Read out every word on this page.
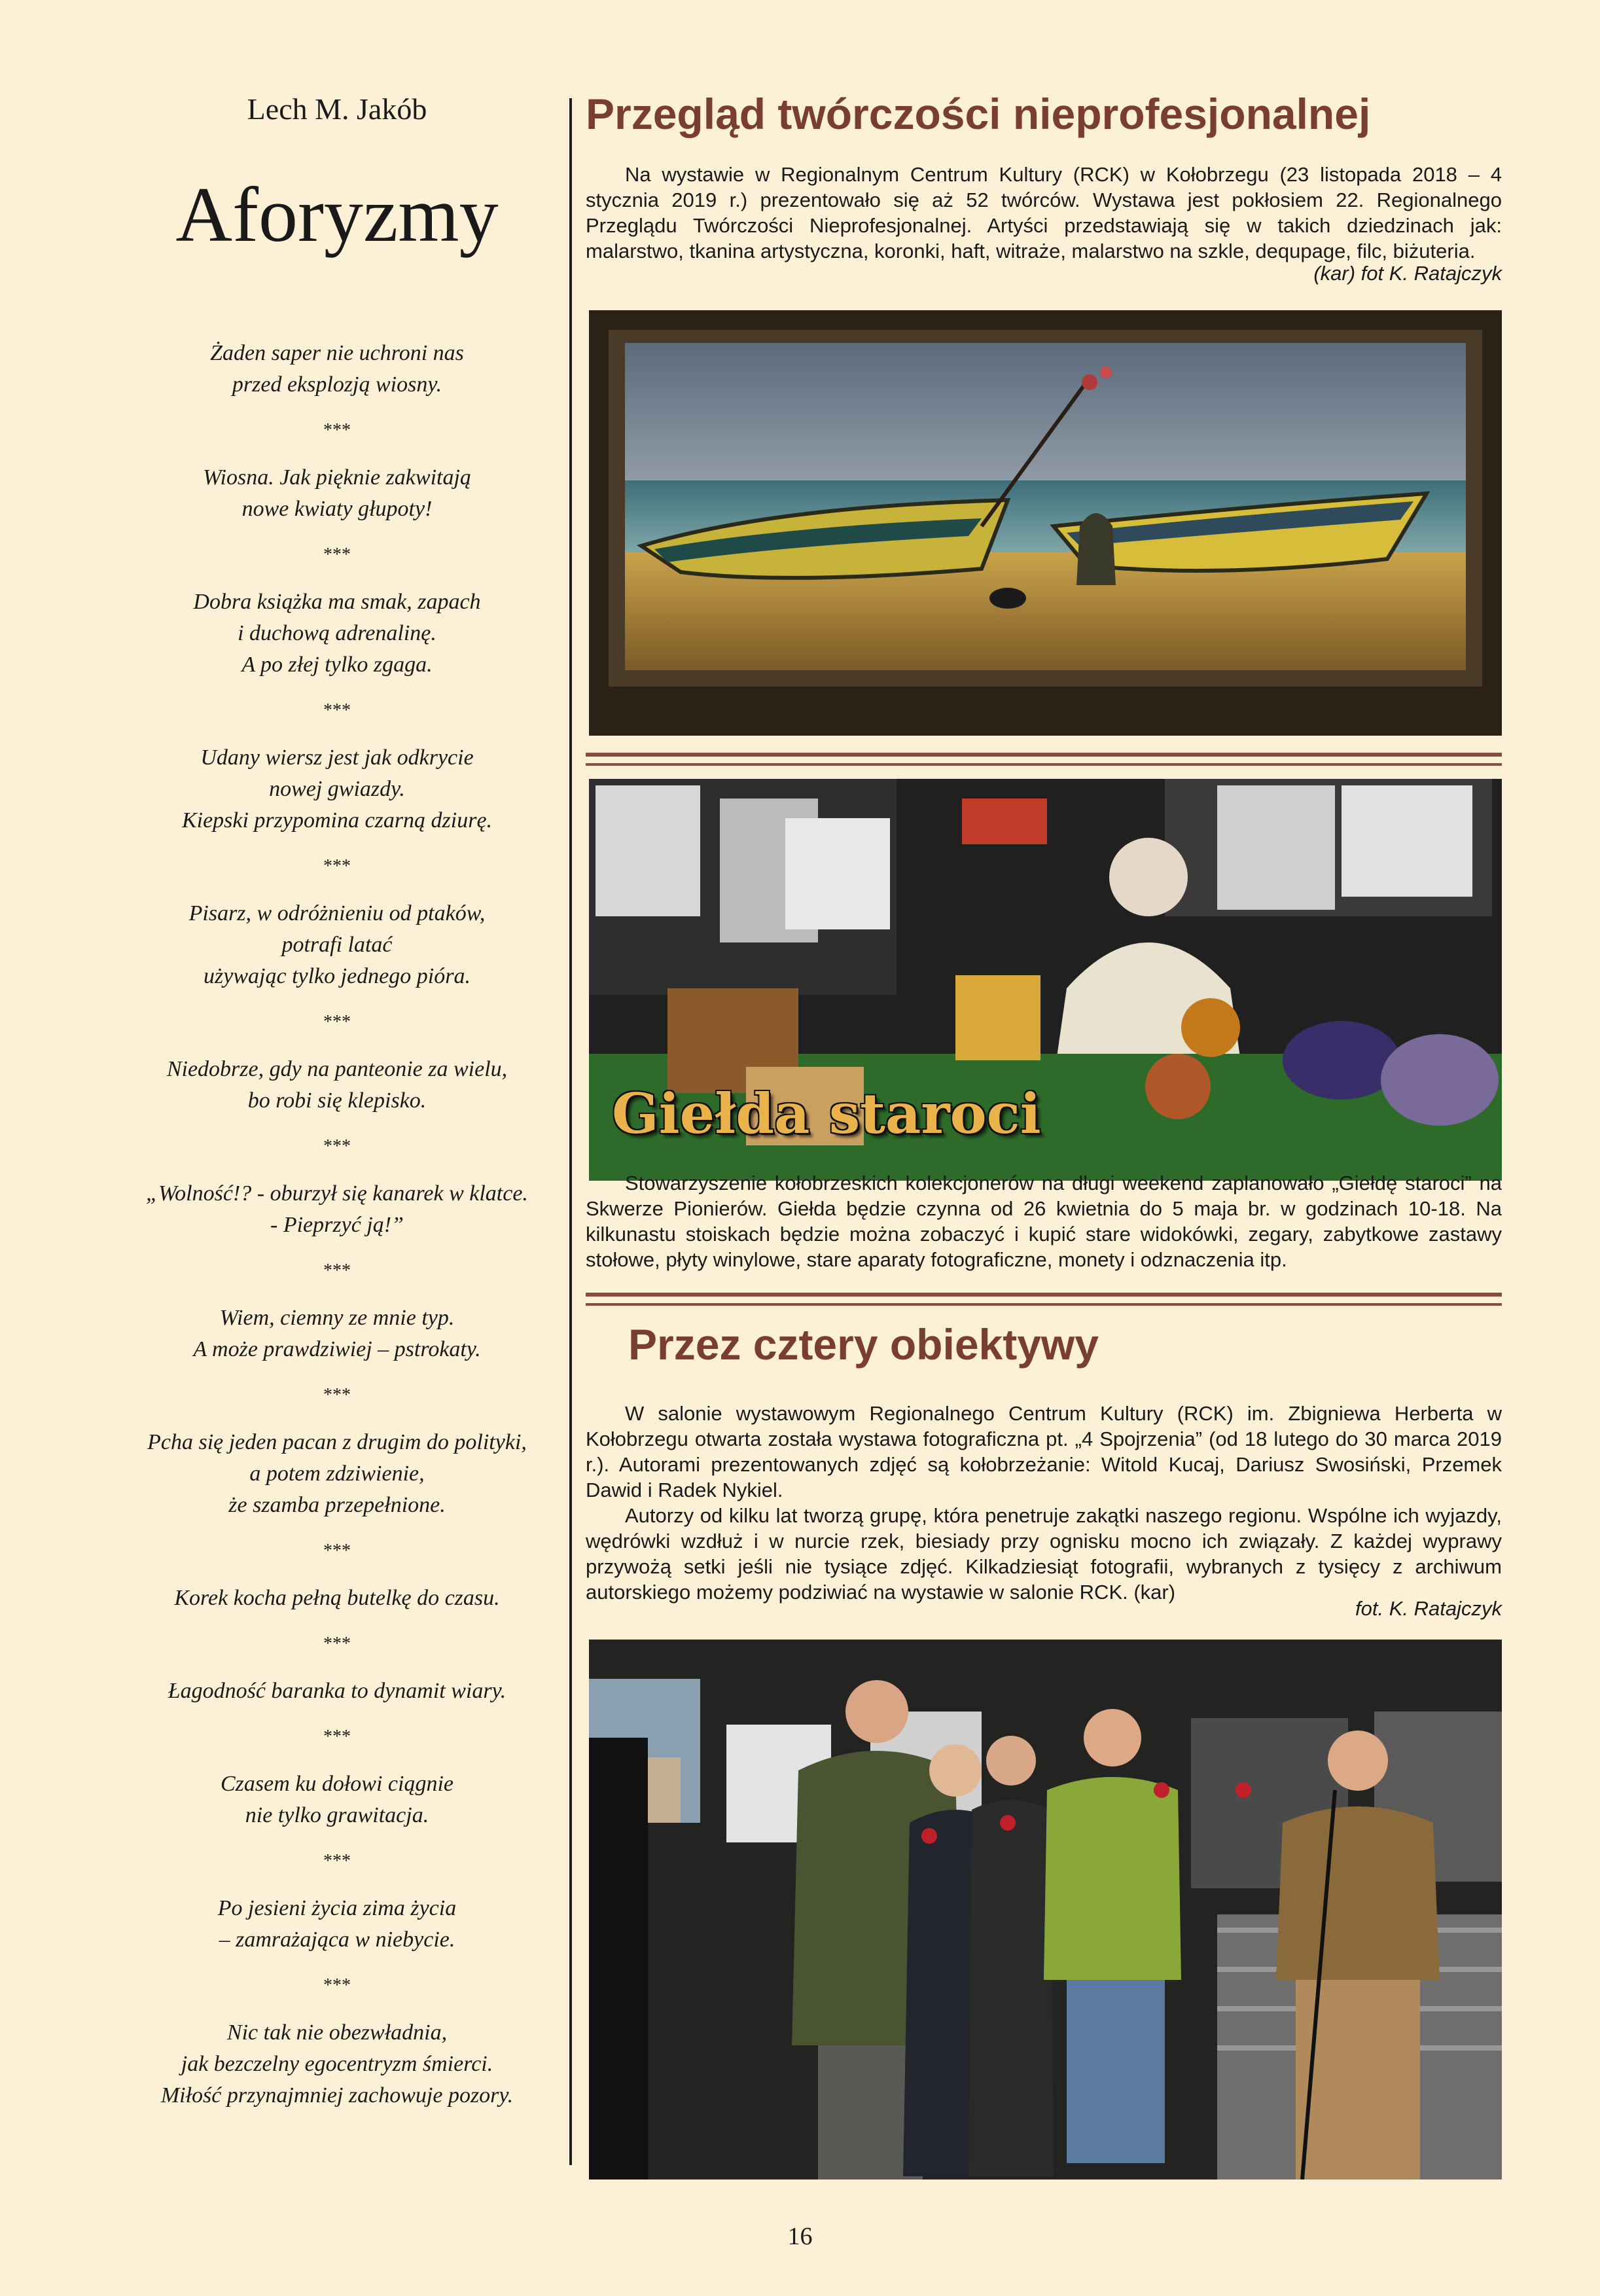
Lech M. Jakób
Aforyzmy
Żaden saper nie uchroni nas
przed eksplozją wiosny.
***
Wiosna. Jak pięknie zakwitają
nowe kwiaty głupoty!
***
Dobra książka ma smak, zapach
i duchową adrenalinę.
A po złej tylko zgaga.
***
Udany wiersz jest jak odkrycie
nowej gwiazdy.
Kiepski przypomina czarną dziurę.
***
Pisarz, w odróżnieniu od ptaków,
potrafi latać
używając tylko jednego pióra.
***
Niedobrze, gdy na panteonie za wielu,
bo robi się klepisko.
***
„Wolność!? - oburzył się kanarek w klatce.
- Pieprzyć ją!”
***
Wiem, ciemny ze mnie typ.
A może prawdziwiej – pstrokaty.
***
Pcha się jeden pacan z drugim do polityki,
a potem zdziwienie,
że szamba przepełnione.
***
Korek kocha pełną butelkę do czasu.
***
Łagodność baranka to dynamit wiary.
***
Czasem ku dołowi ciągnie
nie tylko grawitacja.
***
Po jesieni życia zima życia
– zamrażająca w niebycie.
***
Nic tak nie obezwładnia,
jak bezczelny egocentryzm śmierci.
Miłość przynajmniej zachowuje pozory.
Przegląd twórczości nieprofesjonalnej

Na wystawie w Regionalnym Centrum Kultury (RCK) w Kołobrzegu (23 listopada 2018 – 4 stycznia 2019 r.) prezentowało się aż 52 twórców. Wystawa jest pokłosiem 22. Regionalnego Przeglądu Twórczości Nieprofesjonalnej. Artyści przedstawiają się w takich dziedzinach jak: malarstwo, tkanina artystyczna, koronki, haft, witraże, malarstwo na szkle, dequpage, filc, biżuteria.

(kar) fot K. Ratajczyk
Giełda staroci

Stowarzyszenie kołobrzeskich kolekcjonerów na długi weekend zaplanowało „Giełdę staroci” na Skwerze Pionierów. Giełda będzie czynna od 26 kwietnia do 5 maja br. w godzinach 10-18. Na kilkunastu stoiskach będzie można zobaczyć i kupić stare widokówki, zegary, zabytkowe zastawy stołowe, płyty winylowe, stare aparaty fotograficzne, monety i odznaczenia itp.

Przez cztery obiektywy

W salonie wystawowym Regionalnego Centrum Kultury (RCK) im. Zbigniewa Herberta w Kołobrzegu otwarta została wystawa fotograficzna pt. „4 Spojrzenia” (od 18 lutego do 30 marca 2019 r.). Autorami prezentowanych zdjęć są kołobrzeżanie: Witold Kucaj, Dariusz Swosiński, Przemek Dawid i Radek Nykiel.

Autorzy od kilku lat tworzą grupę, która penetruje zakątki naszego regionu. Wspólne ich wyjazdy, wędrówki wzdłuż i w nurcie rzek, biesiady przy ognisku mocno ich związały. Z każdej wyprawy przywożą setki jeśli nie tysiące zdjęć. Kilkadziesiąt fotografii, wybranych z tysięcy z archiwum autorskiego możemy podziwiać na wystawie w salonie RCK. (kar)

fot. K. Ratajczyk
16
